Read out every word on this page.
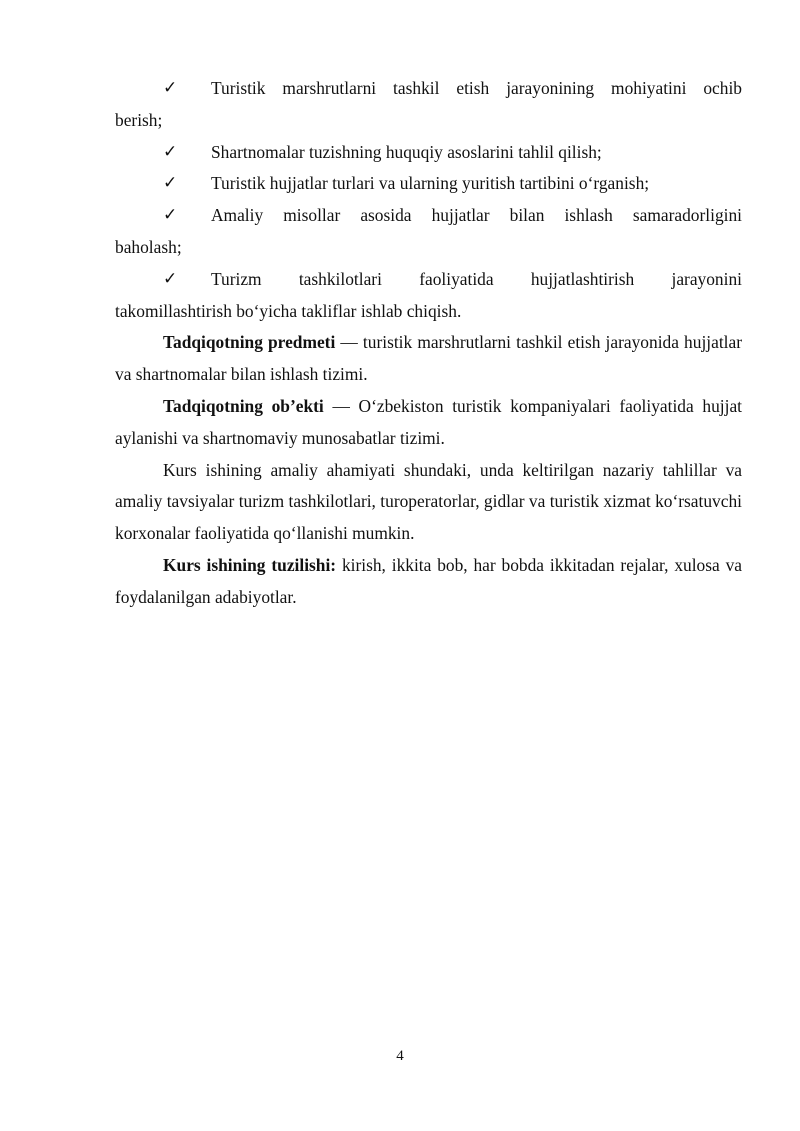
✓ Turistik marshrutlarni tashkil etish jarayonining mohiyatini ochib
berish;

✓ Shartnomalar tuzishning huquqiy asoslarini tahlil qilish;

✓ Turistik hujjatlar turlari va ularning yuritish tartibini o‘rganish;

✓ Amaliy misollar asosida hujjatlar bilan ishlash samaradorligini
baholash;

✓ Turizm tashkilotlari faoliyatida hujjatlashtirish jarayonini
takomillashtirish bo‘yicha takliflar ishlab chiqish.

Tadqiqotning predmeti — turistik marshrutlarni tashkil etish jarayonida hujjatlar va shartnomalar bilan ishlash tizimi.

Tadqiqotning ob’ekti — O‘zbekiston turistik kompaniyalari faoliyatida hujjat aylanishi va shartnomaviy munosabatlar tizimi.

Kurs ishining amaliy ahamiyati shundaki, unda keltirilgan nazariy tahlillar va amaliy tavsiyalar turizm tashkilotlari, turoperatorlar, gidlar va turistik xizmat ko‘rsatuvchi korxonalar faoliyatida qo‘llanishi mumkin.

Kurs ishining tuzilishi: kirish, ikkita bob, har bobda ikkitadan rejalar, xulosa va foydalanilgan adabiyotlar.

4
